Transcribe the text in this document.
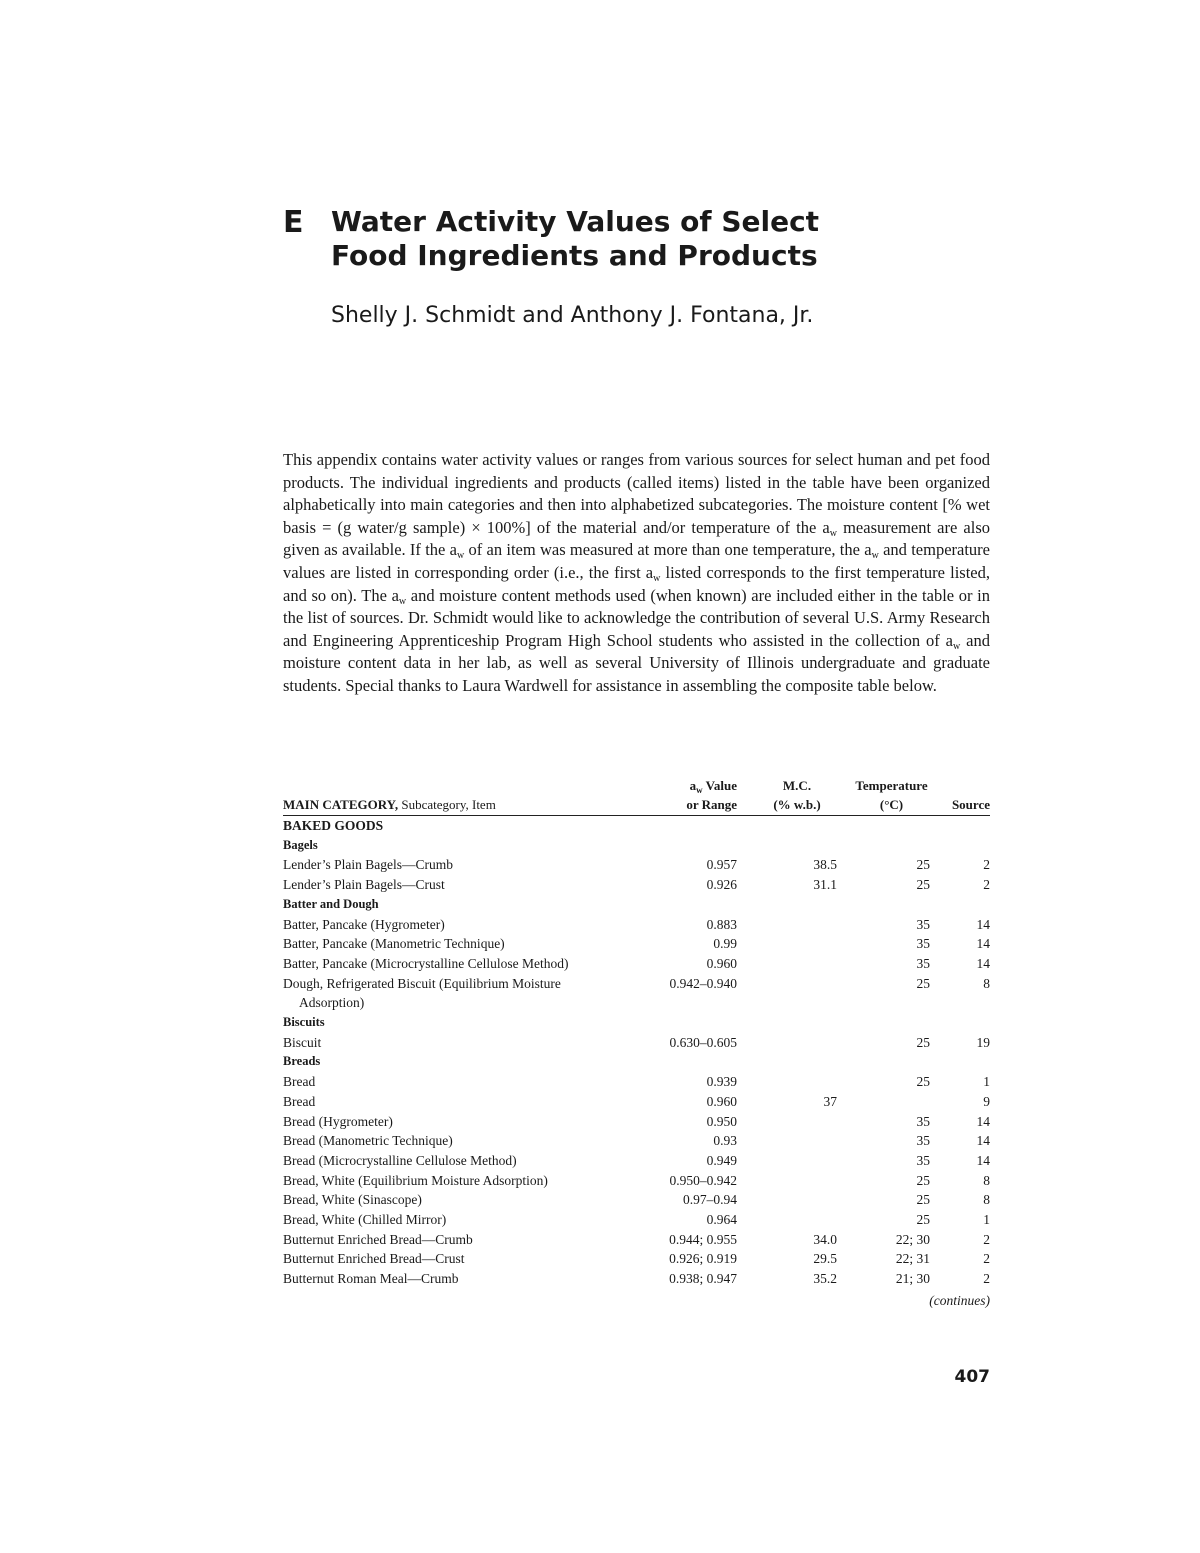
E Water Activity Values of Select
Food Ingredients and Products
Shelly J. Schmidt and Anthony J. Fontana, Jr.

This appendix contains water activity values or ranges from various sources for select human and pet food products. The individual ingredients and products (called items) listed in the table have been organized alphabetically into main categories and then into alphabetized subcategories. The moisture content [% wet basis = (g water/g sample) × 100%] of the material and/or temperature of the $a_w$ measurement are also given as available. If the $a_w$ of an item was measured at more than one temperature, the $a_w$ and temperature values are listed in corresponding order (i.e., the first $a_w$ listed corresponds to the first temperature listed, and so on). The $a_w$ and moisture content methods used (when known) are included either in the table or in the list of sources. Dr. Schmidt would like to acknowledge the contribution of several U.S. Army Research and Engineering Apprenticeship Program High School students who assisted in the collection of $a_w$ and moisture content data in her lab, as well as several University of Illinois undergraduate and graduate students. Special thanks to Laura Wardwell for assistance in assembling the composite table below.

	$a_w$ Value	M.C.	Temperature	
MAIN CATEGORY, Subcategory, Item	or Range	(% w.b.)	(°C)	Source
BAKED GOODS				
Bagels				
Lender’s Plain Bagels—Crumb	0.957	38.5	25	2
Lender’s Plain Bagels—Crust	0.926	31.1	25	2
Batter and Dough				
Batter, Pancake (Hygrometer)	0.883		35	14
Batter, Pancake (Manometric Technique)	0.99		35	14
Batter, Pancake (Microcrystalline Cellulose Method)	0.960		35	14

Dough, Refrigerated Biscuit (Equilibrium Moisture Adsorption)	0.942–0.940		25	8
Biscuits				
Biscuit	0.630–0.605		25	19
Breads				
Bread	0.939		25	1
Bread	0.960	37		9
Bread (Hygrometer)	0.950		35	14
Bread (Manometric Technique)	0.93		35	14
Bread (Microcrystalline Cellulose Method)	0.949		35	14
Bread, White (Equilibrium Moisture Adsorption)	0.950–0.942		25	8
Bread, White (Sinascope)	0.97–0.94		25	8
Bread, White (Chilled Mirror)	0.964		25	1
Butternut Enriched Bread—Crumb	0.944; 0.955	34.0	22; 30	2
Butternut Enriched Bread—Crust	0.926; 0.919	29.5	22; 31	2
Butternut Roman Meal—Crumb	0.938; 0.947	35.2	21; 30	2
(continues)
407
